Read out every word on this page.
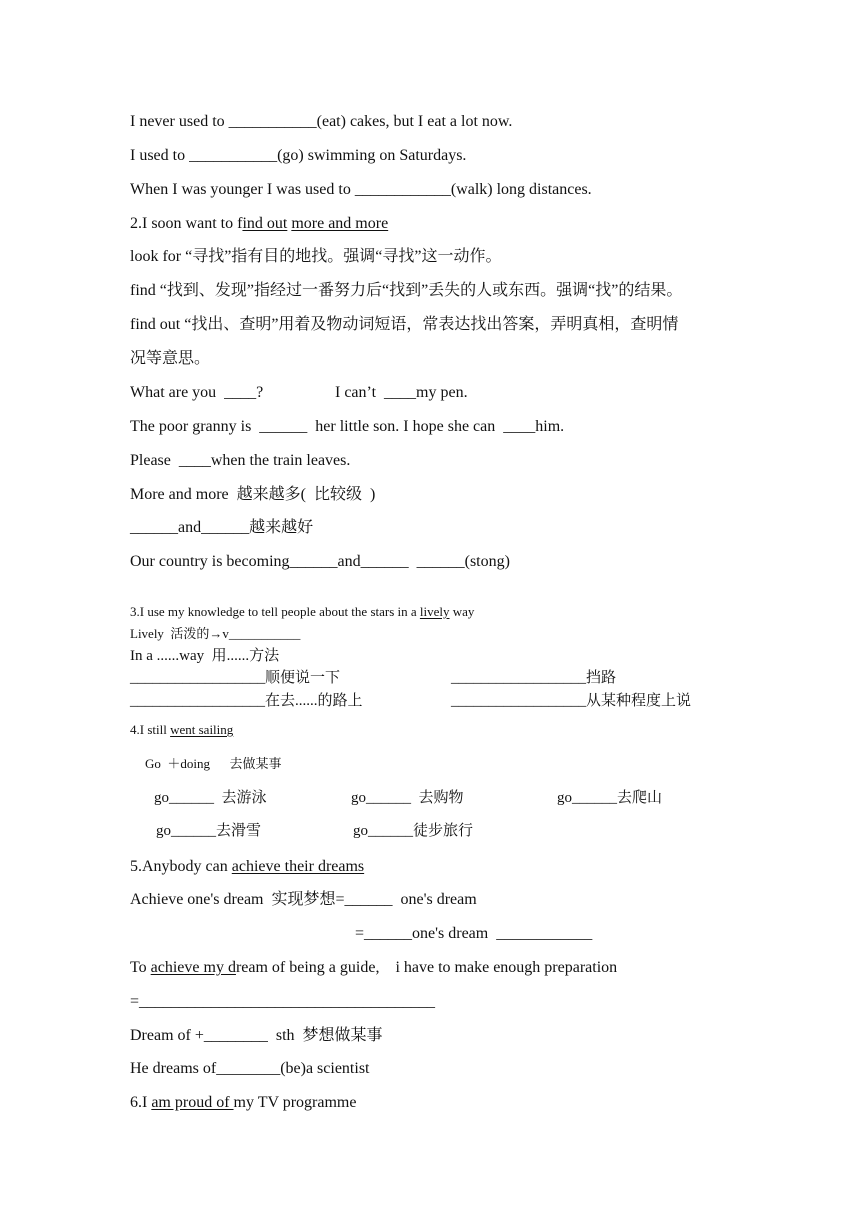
I never used to ___________(eat) cakes, but I eat a lot now.
I used to ___________(go) swimming on Saturdays.
When I was younger I was used to ____________(walk) long distances.
2.I soon want to find out more and more
look for “寻找”指有目的地找。强调“寻找”这一动作。
find “找到、发现”指经过一番努力后“找到”丢失的人或东西。强调“找”的结果。
find out “找出、查明”用着及物动词短语，常表达找出答案，弄明真相，查明情
况等意思。
What are you  ____?	I can’t  ____my pen.
The poor granny is  ______  her little son. I hope she can  ____him.
Please  ____when the train leaves.
More and more  越来越多(  比较级  )
______and______越来越好
Our country is becoming______and______  ______(stong)
3.I use my knowledge to tell people about the stars in a lively way
Lively  活泼的→v___________
In a ......way  用......方法
__________________顺便说一下	__________________挡路
__________________在去......的路上	__________________从某种程度上说
4.I still went sailing
Go  ＋doing      去做某事
go______  去游泳	go______  去购物	go______去爬山
go______去滑雪	go______徒步旅行
5.Anybody can achieve their dreams
Achieve one's dream  实现梦想=______  one's dream
=______one's dream  ____________
To achieve my dream of being a guide,    i have to make enough preparation
=_____________________________________
Dream of +________  sth  梦想做某事
He dreams of________(be)a scientist
6.I am proud of my TV programme
